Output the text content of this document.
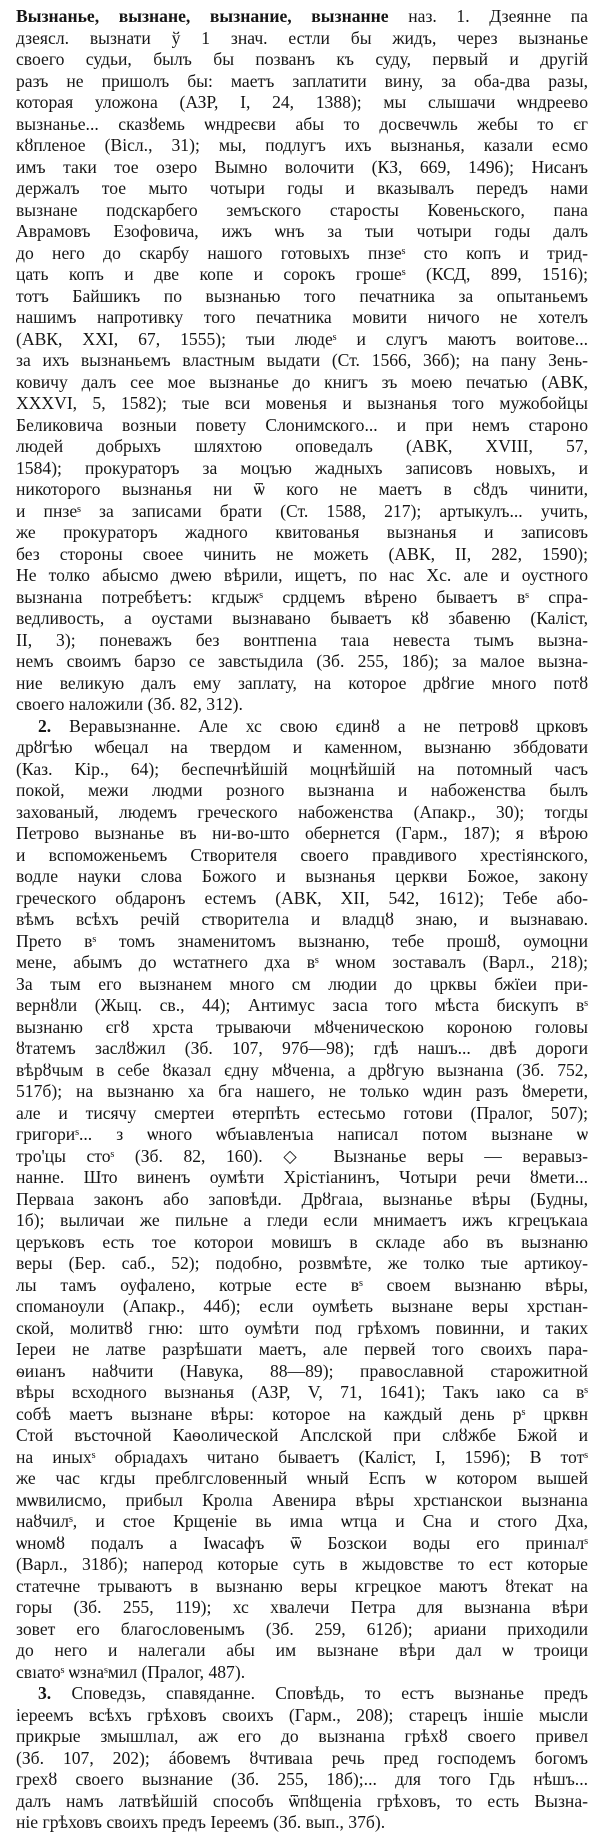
Вызнанье, вызнане, вызнание, вызнанне наз. 1. Дзеянне па
дзеясл. вызнати ў 1 знач. естли бы жидъ, через вызнанье
своего судьи, былъ бы позванъ къ суду, первый и другій
разъ не пришолъ бы: маетъ заплатити вину, за оба-два разы,
которая уложона (АЗР, I, 24, 1388); мы слышачи ѡндреево
вызнанье... сказȣемь ѡндреєви абы то досвечѡль жебы то єг
кȣпленое (Віcл., 31); мы, подлугъ ихъ вызнанья, казали есмо
имъ таки тое озеро Вымно волочити (КЗ, 669, 1496); Нисанъ
держалъ тое мыто чотыри годы и вказывалъ передъ нами
вызнане подскарбего земъского старосты Ковеньского, пана
Аврамовъ Езофовича, ижъ ѡнъ за тыи чотыри годы далъ
до него до скарбу нашого готовыхъ пнзеˢ сто копъ и трид-
цать копъ и две копе и сорокъ грошеˢ (КСД, 899, 1516);
тотъ Байшикъ по вызнанью того печатника за опытаньемъ
нашимъ напротивку того печатника мовити ничого не хотелъ
(АВК, XXI, 67, 1555); тыи людеˢ и слугъ маютъ воитове...
за ихъ вызнаньемъ властным выдати (Ст. 1566, 36б); на пану Зень-
ковичу далъ сее мое вызнанье до книгъ зъ моею печатью (АВК,
XXXVI, 5, 1582); тые вси мовенья и вызнанья того мужобойцы
Беликовича возныи повету Слонимского... и при немъ староно
людей добрыхъ шляхтою оповедалъ (АВК, XVIII, 57,
1584); прокураторъ за моцъю жадныхъ записовъ новыхъ, и
никоторого вызнанья ни ѿ кого не маетъ в сȣдъ чинити,
и пнзеˢ за записами брати (Ст. 1588, 217); артыкулъ... учить,
же прокураторъ жадного квитованья вызнанья и записовъ
без стороны своее чинить не можеть (АВК, II, 282, 1590);
Не толко абысмо дѡею вѣрили, ищетъ, по нас Хс. але и оустного
вызнанıа потребѣетъ: кгдыжˢ срдцемъ вѣрено бываетъ вˢ спра-
ведливость, а оустами вызнавано бываетъ кȣ збавеню (Каліст,
II, 3); поневажъ без вонтпенıа таıа невеста тымъ вызна-
немъ своимъ барзо се завстыдила (Зб. 255, 18б); за малое вызна-
ние великую далъ ему заплату, на которое дрȣгие много потȣ
своего наложили (Зб. 82, 312).
2. Веравызнанне. Але хс свою єдинȣ а не петровȣ црковъ
дрȣгѣю ѡбецал на твердом и каменном, вызнаню зббдовати
(Каз. Кір., 64); беспечнѣйшій моцнѣйшій на потомный часъ
покой, межи людми розного вызнанıа и набоженства былъ
захованый, людемъ греческого набоженства (Апакр., 30); тогды
Петрово вызнанье въ ни-во-што обернется (Гарм., 187); я вѣрою
и вспоможеньемъ Створителя своего правдивого хрестіянского,
водле науки слова Божого и вызнанья церкви Божое, закону
греческого обдаронъ естемъ (АВК, XII, 542, 1612); Тебе або-
вѣмъ всѣхъ речій створителıа и владцȣ знаю, и вызнаваю.
Прето вˢ томъ знаменитомъ вызнаню, тебе прошȣ, оумоцни
мене, абымъ до ѡстатнего дха вˢ ѡном зоставалъ (Варл., 218);
За тым его вызнанем много см людии до црквы бжїеи при-
вернȣли (Жыц. св., 44); Антимус засıа того мѣста бискупъ вˢ
вызнаню єгȣ хрста трываючи мȣченическою короною головы
ȣтатемъ заслȣжил (Зб. 107, 97б—98); гдѣ нашъ... двѣ дороги
вѣрȣчым в себе ȣказал єдну мȣченıа, а дрȣгую вызнанıа (Зб. 752,
517б); на вызнаню ха бга нашего, не только ѡдин разъ ȣмерети,
але и тисячу смертеи ѳтерпѣть естесьмо готови (Пралог, 507);
григориˢ... з ѡного ѡбъıавленъıа написал потом вызнане ѡ
тро'цы стоˢ (Зб. 82, 160). ◇ Вызнанье веры — веравыз-
нанне. Што виненъ оумѣти Хрістіанинъ, Чотыри речи ȣмети...
Первaıа законъ або заповѣди. Дрȣгaıа, вызнанье вѣры (Будны,
1б); выличаи же пильне а гледи если мнимаетъ ижъ кгрецъкaıа
церъковъ есть тое которои мовишъ в складе або въ вызнаню
веры (Бер. саб., 52); подобно, розвмѣте, же толко тые артикоу-
лы тамъ оуфалено, котрые есте вˢ своем вызнаню вѣры,
споманоули (Апакр., 44б); если оумѣеть вызнане веры хрстıан-
ской, молитвȣ гню: што оумѣти под грѣхомъ повинни, и таких
Іереи не латве разрѣшати маетъ, але первей того своихъ пара-
ѳиıанъ наȣчити (Навука, 88—89); православной старожитной
вѣры всходного вызнанья (АЗР, V, 71, 1641); Такъ ıако са вˢ
собѣ маетъ вызнане вѣры: которое на каждый день рˢ црквн
Стой въсточной Каѳолической Апслской при слȣжбе Бжой и
на иныхˢ обрıадахъ читано бываетъ (Каліст, I, 159б); В тотˢ
же час кгды преблгсловенный ѡный Еспъ ѡ котором вышей
мѡвилисмо, прибыл Кролıа Авенира вѣры хрстıанскои вызнанıа
наȣчилˢ, и стое Крщеніе вь имıа ѡтца и Сна и стого Дха,
ѡномȣ подалъ а Іѡасафъ ѿ Бозскои воды его принıалˢ
(Варл., 318б); напеpод которые суть в жыдовстве то ест которые
статечне трываютъ в вызнаню веры кгрецкое маютъ ȣтекат на
горы (Зб. 255, 119); хс хвалечи Петра для вызнанıа вѣри
зовет его благословенымъ (Зб. 259, 612б); ариани приходили
до него и налегали абы им вызнане вѣри дал ѡ троици
свıатоˢ ѡзнаˢмил (Пралог, 487).
3. Споведзь, спавяданне. Сповѣдь, то естъ вызнанье предъ
іереемъ всѣхъ грѣховъ своихъ (Гарм., 208); старецъ іншіе мысли
прикрые змышлıал, аж его до вызнанıа грѣхȣ своего привел
(Зб. 107, 202); áбовемъ ȣчтиваıа речь пред господемъ богомъ
грехȣ своего вызнание (Зб. 255, 18б);... для того Гдь нѣшъ...
далъ намъ латвѣйшій способъ ѿпȣщеніа грѣховъ, то есть Вызна-
ніе грѣховъ своихъ предъ Іереемъ (Зб. вып., 37б).
